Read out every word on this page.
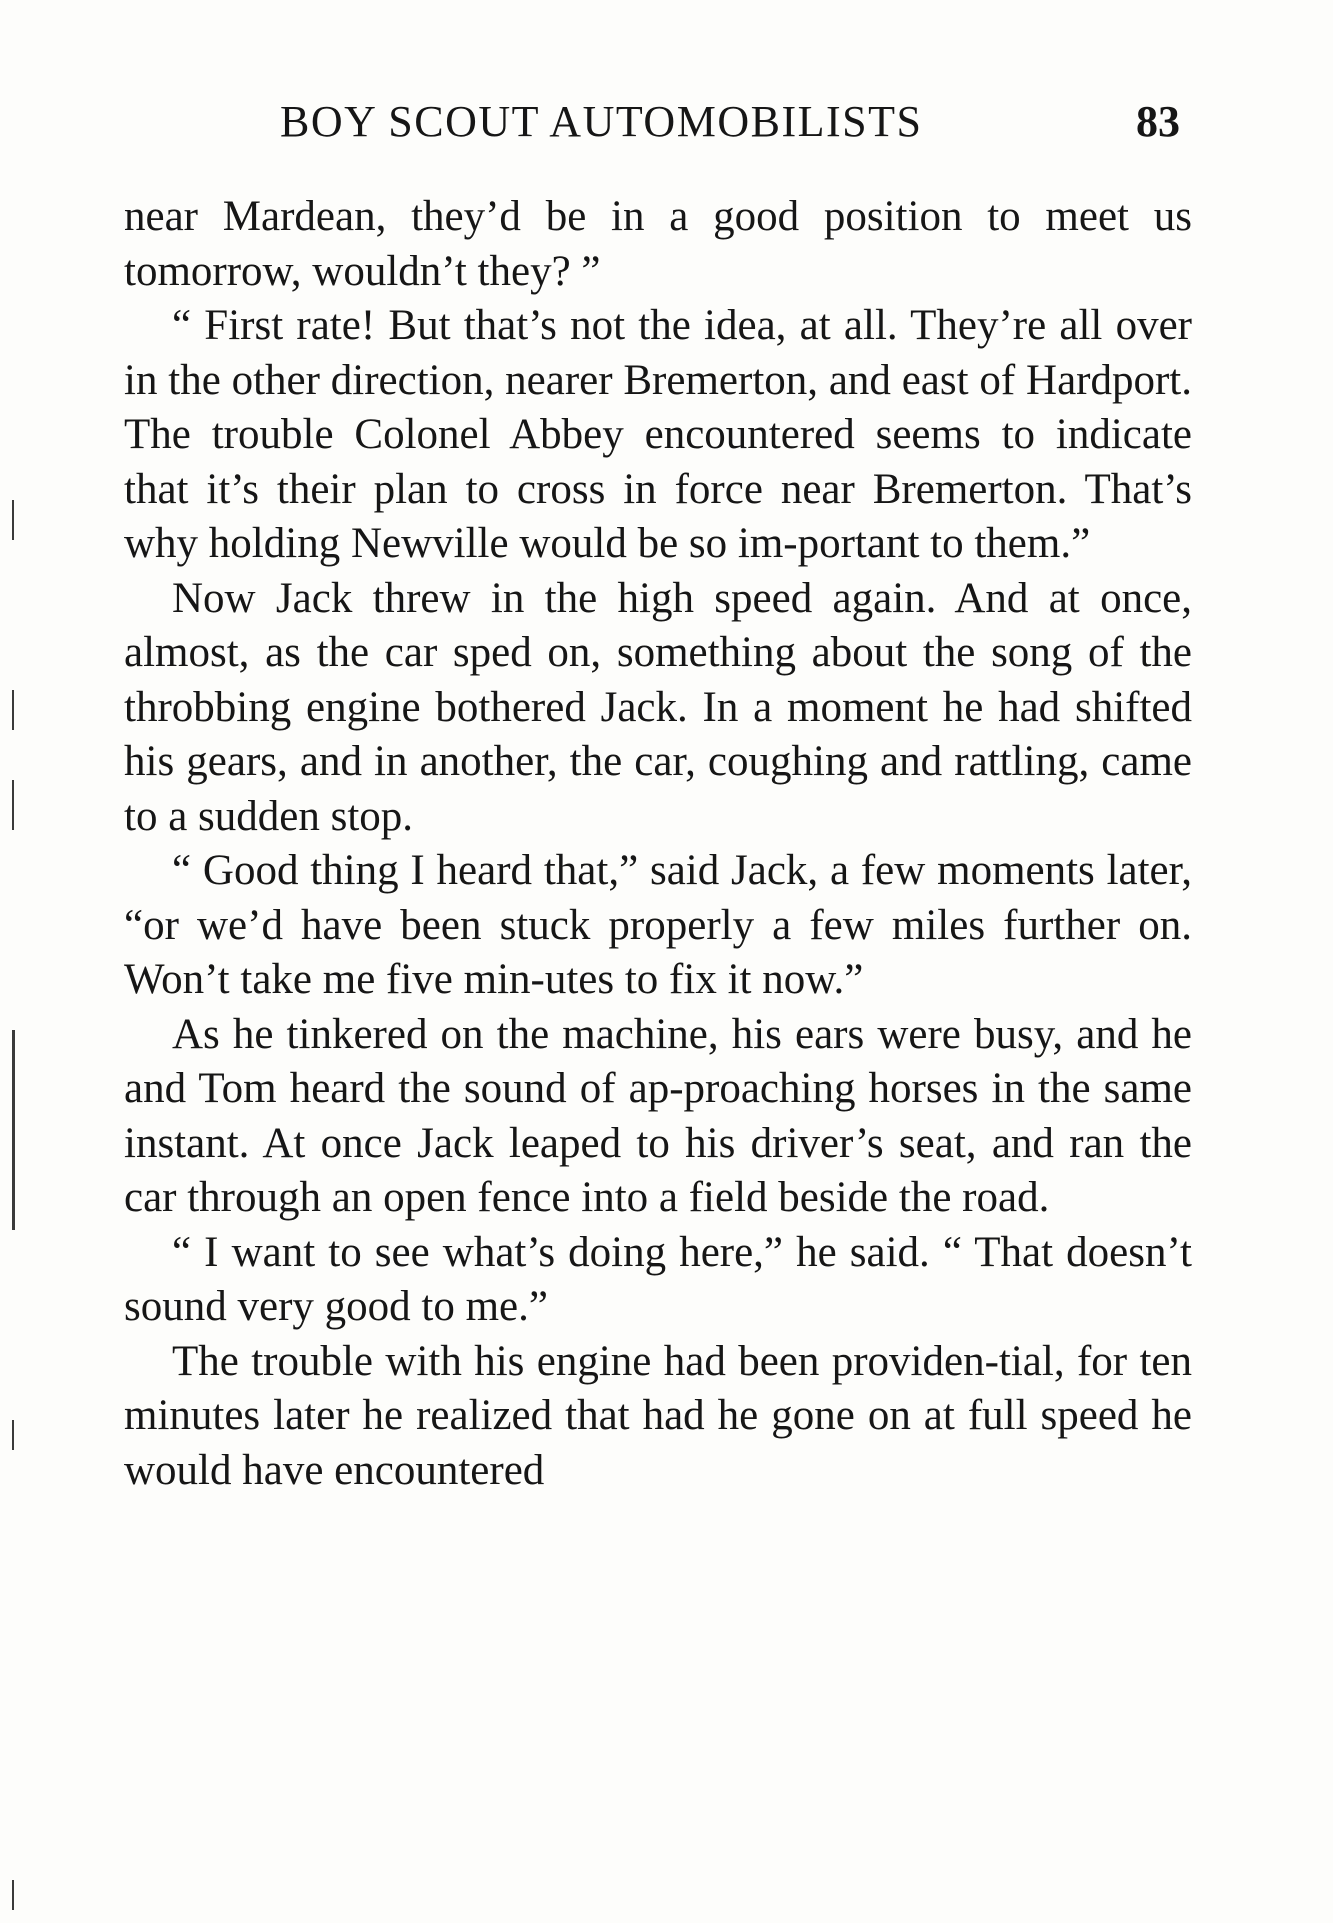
BOY SCOUT AUTOMOBILISTS	83

near Mardean, they’d be in a good position to meet us tomorrow, wouldn’t they? ”

“ First rate! But that’s not the idea, at all. They’re all over in the other direction, nearer Bremerton, and east of Hardport. The trouble Colonel Abbey encountered seems to indicate that it’s their plan to cross in force near Bremerton. That’s why holding Newville would be so im-portant to them.”

Now Jack threw in the high speed again. And at once, almost, as the car sped on, something about the song of the throbbing engine bothered Jack. In a moment he had shifted his gears, and in another, the car, coughing and rattling, came to a sudden stop.

“ Good thing I heard that,” said Jack, a few moments later, “or we’d have been stuck properly a few miles further on. Won’t take me five min-utes to fix it now.”

As he tinkered on the machine, his ears were busy, and he and Tom heard the sound of ap-proaching horses in the same instant. At once Jack leaped to his driver’s seat, and ran the car through an open fence into a field beside the road.

“ I want to see what’s doing here,” he said. “ That doesn’t sound very good to me.”

The trouble with his engine had been providen-tial, for ten minutes later he realized that had he gone on at full speed he would have encountered
